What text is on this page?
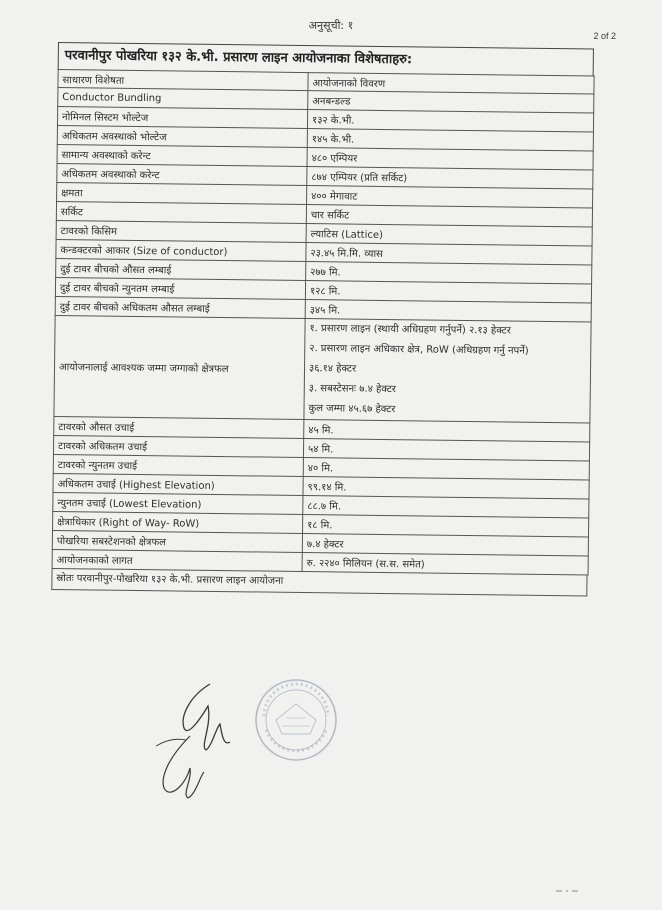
अनुसूची: १
2 of 2
परवानीपुर पोखरिया १३२ के.भी. प्रसारण लाइन आयोजनाका विशेषताहरु:
साधारण विशेषता	आयोजनाको विवरण
Conductor Bundling	अनबन्डल्ड
नोमिनल सिस्टम भोल्टेज	१३२ के.भी.
अधिकतम अवस्थाको भोल्टेज	१४५ के.भी.
सामान्य अवस्थाको करेन्ट	४८० एम्पियर
अधिकतम अवस्थाको करेन्ट	८७४ एम्पियर (प्रति सर्किट)
क्षमता	४०० मेगावाट
सर्किट	चार सर्किट
टावरको किसिम	ल्याटिस (Lattice)
कन्डक्टरको आकार (Size of conductor)	२३.४५ मि.मि. व्यास
दुई टावर बीचको औसत लम्बाई	२७७ मि.
दुई टावर बीचको न्युनतम लम्बाई	१२८ मि.
दुई टावर बीचको अधिकतम औसत लम्बाई	३४५ मि.
आयोजनालाई आवश्यक जम्मा जग्गाको क्षेत्रफल	१. प्रसारण लाइन (स्थायी अधिग्रहण गर्नुपर्ने) २.१३ हेक्टर
२. प्रसारण लाइन अधिकार क्षेत्र, RoW (अधिग्रहण गर्नु नपर्ने)
३६.१४ हेक्टर
३. सबस्टेसनः ७.४ हेक्टर
कुल जम्मा ४५.६७ हेक्टर

टावरको औसत उचाई	४५ मि.
टावरको अधिकतम उचाई	५४ मि.
टावरको न्युनतम उचाई	४० मि.
अधिकतम उचाई (Highest Elevation)	९९.१४ मि.
न्युनतम उचाई (Lowest Elevation)	८८.७ मि.
क्षेत्राधिकार (Right of Way- RoW)	१८ मि.
पोखरिया सबस्टेशनको क्षेत्रफल	७.४ हेक्टर
आयोजनकाको लागत	रु. २२४० मिलियन (स.स. समेत)
स्रोतः परवानीपुर-पोखरिया १३२ के.भी. प्रसारण लाइन आयोजना
